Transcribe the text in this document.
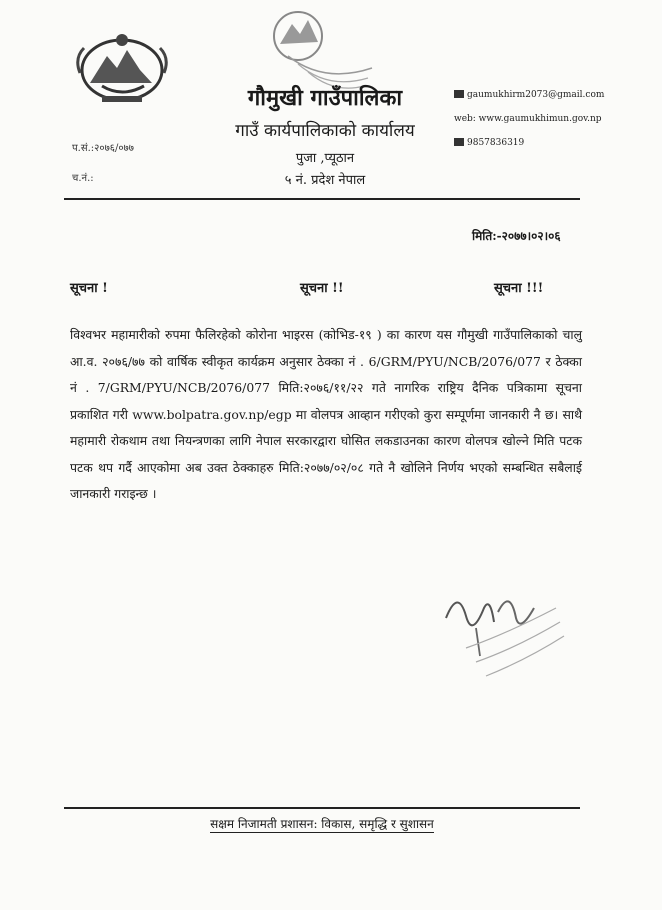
गौमुखी गाउँपालिका
गाउँ कार्यपालिकाको कार्यालय
पुजा ,प्यूठान
५ नं. प्रदेश नेपाल
प.सं.:२०७६/०७७
च.नं.:
gaumukhirm2073@gmail.com
web: www.gaumukhimun.gov.np
9857836319
मिति:-२०७७।०२।०६
सूचना !	सूचना !!	सूचना !!!
विश्वभर महामारीको रुपमा फैलिरहेको कोरोना भाइरस (कोभिड-१९ ) का कारण यस गौमुखी गाउँपालिकाको चालु आ.व. २०७६/७७ को वार्षिक स्वीकृत कार्यक्रम अनुसार ठेक्का नं . 6/GRM/PYU/NCB/2076/077 र ठेक्का नं . 7/GRM/PYU/NCB/2076/077 मिति:२०७६/११/२२ गते नागरिक राष्ट्रिय दैनिक पत्रिकामा सूचना प्रकाशित गरी www.bolpatra.gov.np/egp मा वोलपत्र आव्हान गरीएको कुरा सम्पूर्णमा जानकारी नै छ। साथै महामारी रोकथाम तथा नियन्त्रणका लागि नेपाल सरकारद्वारा घोसित लकडाउनका कारण वोलपत्र खोल्ने मिति पटक पटक थप गर्दै आएकोमा अब उक्त ठेक्काहरु मिति:२०७७/०२/०८ गते नै खोलिने निर्णय भएको सम्बन्धित सबैलाई जानकारी गराइन्छ ।
सक्षम निजामती प्रशासन: विकास, समृद्धि र सुशासन
